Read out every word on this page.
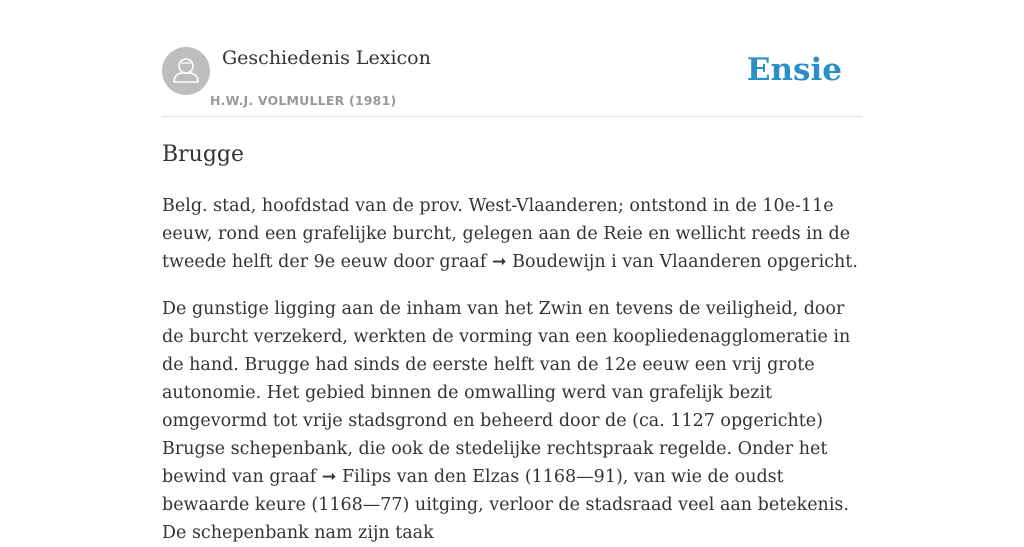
Geschiedenis Lexicon
H.W.J. VOLMULLER (1981)
Ensie
Brugge

Belg. stad, hoofdstad van de prov. West-Vlaanderen; ontstond in de 10e-11e eeuw, rond een grafelijke burcht, gelegen aan de Reie en wellicht reeds in de tweede helft der 9e eeuw door graaf ➞ Boudewijn i van Vlaanderen opgericht.

De gunstige ligging aan de inham van het Zwin en tevens de veiligheid, door de burcht verzekerd, werkten de vorming van een koopliedenagglomeratie in de hand. Brugge had sinds de eerste helft van de 12e eeuw een vrij grote autonomie. Het gebied binnen de omwalling werd van grafelijk bezit omgevormd tot vrije stadsgrond en beheerd door de (ca. 1127 opgerichte) Brugse schepenbank, die ook de stedelijke rechtspraak regelde. Onder het bewind van graaf ➞ Filips van den Elzas (1168—91), van wie de oudst bewaarde keure (1168—77) uitging, verloor de stadsraad veel aan betekenis. De schepenbank nam zijn taak
